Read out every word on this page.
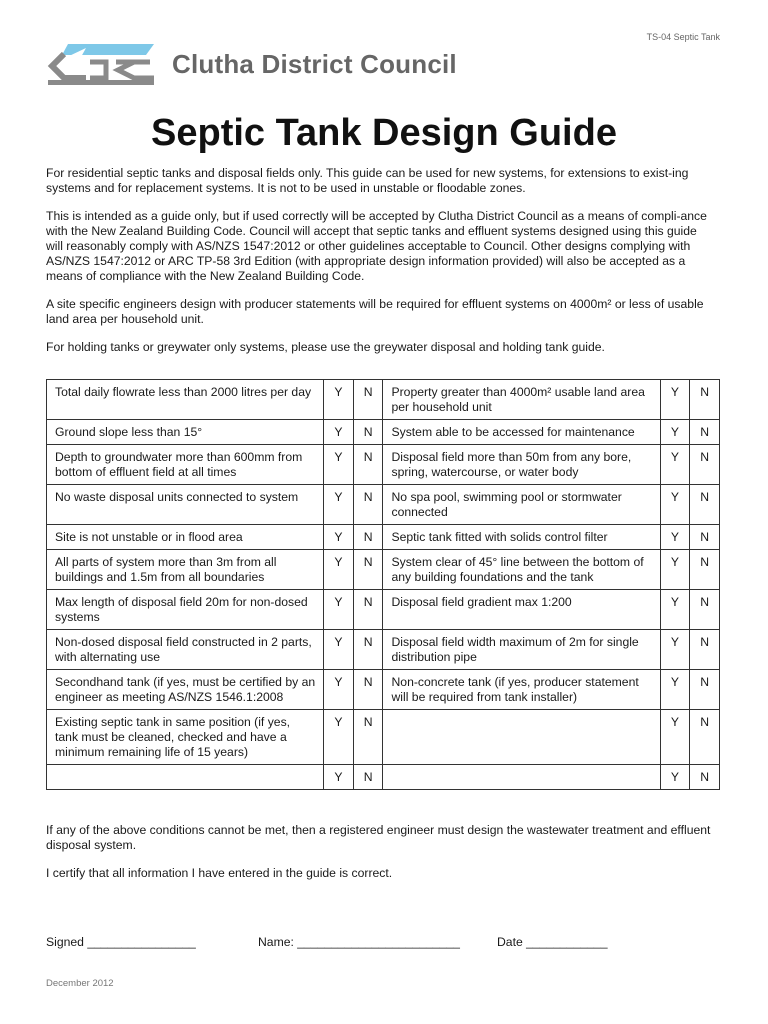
TS-04 Septic Tank
Clutha District Council
Septic Tank Design Guide

For residential septic tanks and disposal fields only. This guide can be used for new systems, for extensions to exist-ing systems and for replacement systems. It is not to be used in unstable or floodable zones.

This is intended as a guide only, but if used correctly will be accepted by Clutha District Council as a means of compli-ance with the New Zealand Building Code. Council will accept that septic tanks and effluent systems designed using this guide will reasonably comply with AS/NZS 1547:2012 or other guidelines acceptable to Council. Other designs complying with AS/NZS 1547:2012 or ARC TP-58 3rd Edition (with appropriate design information provided) will also be accepted as a means of compliance with the New Zealand Building Code.

A site specific engineers design with producer statements will be required for effluent systems on 4000m² or less of usable land area per household unit.

For holding tanks or greywater only systems, please use the greywater disposal and holding tank guide.

Total daily flowrate less than 2000 litres per day	Y	N	Property greater than 4000m² usable land area per household unit	Y	N
Ground slope less than 15°	Y	N	System able to be accessed for maintenance	Y	N
Depth to groundwater more than 600mm from bottom of effluent field at all times	Y	N	Disposal field more than 50m from any bore, spring, watercourse, or water body	Y	N
No waste disposal units connected to system	Y	N	No spa pool, swimming pool or stormwater connected	Y	N
Site is not unstable or in flood area	Y	N	Septic tank fitted with solids control filter	Y	N
All parts of system more than 3m from all buildings and 1.5m from all boundaries	Y	N	System clear of 45° line between the bottom of any building foundations and the tank	Y	N
Max length of disposal field 20m for non-dosed systems	Y	N	Disposal field gradient max 1:200	Y	N
Non-dosed disposal field constructed in 2 parts, with alternating use	Y	N	Disposal field width maximum of 2m for single distribution pipe	Y	N
Secondhand tank (if yes, must be certified by an engineer as meeting AS/NZS 1546.1:2008	Y	N	Non-concrete tank (if yes, producer statement will be required from tank installer)	Y	N
Existing septic tank in same position (if yes, tank must be cleaned, checked and have a minimum remaining life of 15 years)	Y	N		Y	N
	Y	N		Y	N

If any of the above conditions cannot be met, then a registered engineer must design the wastewater treatment and effluent disposal system.

I certify that all information I have entered in the guide is correct.

Signed ________________	Name: ________________________	Date ____________
December 2012
